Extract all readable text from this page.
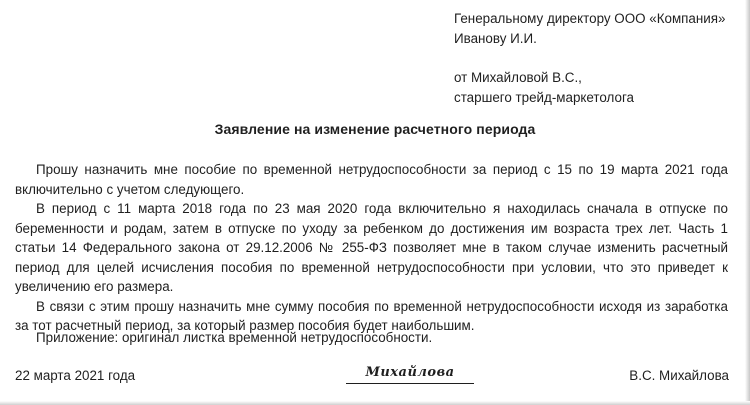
Генеральному директору ООО «Компания»
Иванову И.И.
от Михайловой В.С.,
старшего трейд-маркетолога
Заявление на изменение расчетного периода

Прошу назначить мне пособие по временной нетрудоспособности за период с 15 по 19 марта 2021 года включительно с учетом следующего.

В период с 11 марта 2018 года по 23 мая 2020 года включительно я находилась сначала в отпуске по беременности и родам, затем в отпуске по уходу за ребенком до достижения им возраста трех лет. Часть 1 статьи 14 Федерального закона от 29.12.2006 № 255-ФЗ позволяет мне в таком случае изменить расчетный период для целей исчисления пособия по временной нетрудоспособности при условии, что это приведет к увеличению его размера.

В связи с этим прошу назначить мне сумму пособия по временной нетрудоспособности исходя из заработка за тот расчетный период, за который размер пособия будет наибольшим.

Приложение: оригинал листка временной нетрудоспособности.
22 марта 2021 года	Михайлова	В.С. Михайлова
